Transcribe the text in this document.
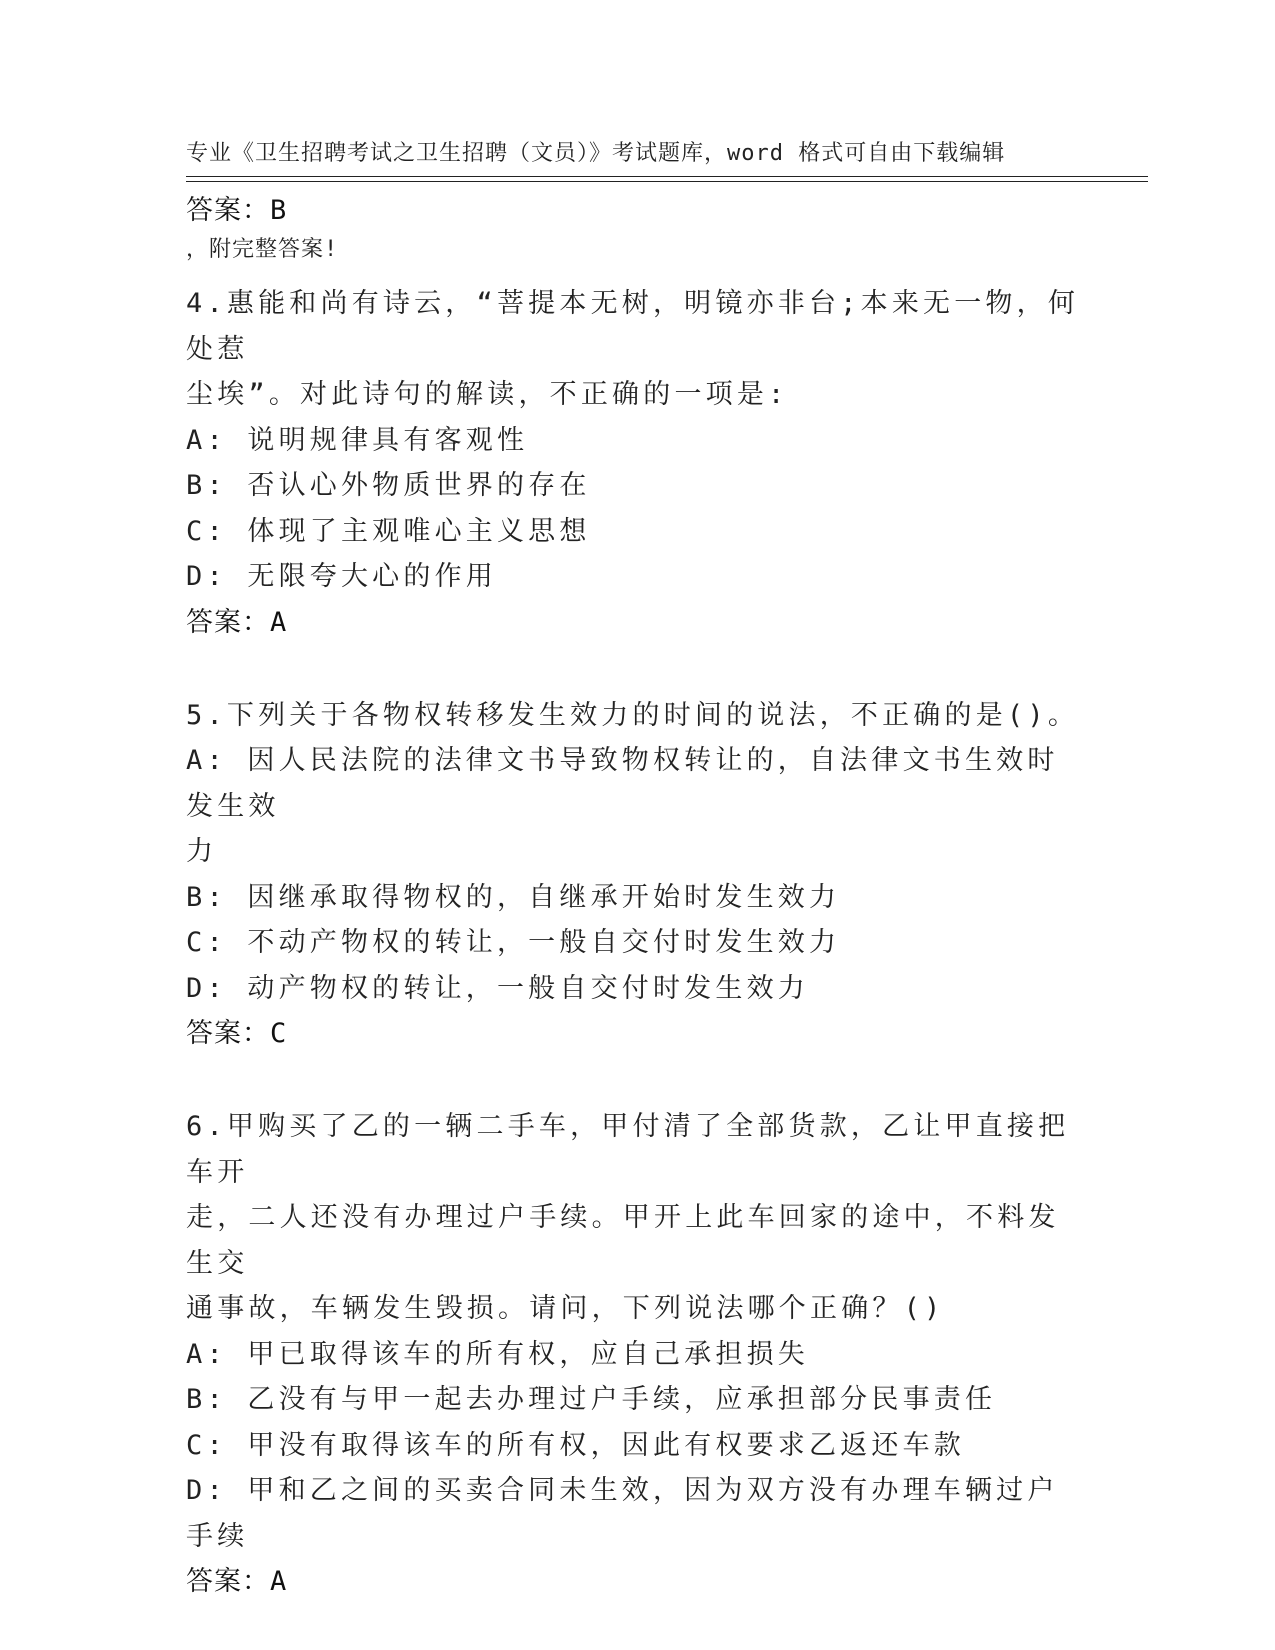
专业《卫生招聘考试之卫生招聘（文员）》考试题库，word 格式可自由下载编辑

，附完整答案!

答案：B
4.惠能和尚有诗云，“菩提本无树，明镜亦非台;本来无一物，何处惹
尘埃”。对此诗句的解读，不正确的一项是:
A: 说明规律具有客观性
B: 否认心外物质世界的存在
C: 体现了主观唯心主义思想
D: 无限夸大心的作用
答案：A
5.下列关于各物权转移发生效力的时间的说法，不正确的是()。
A: 因人民法院的法律文书导致物权转让的，自法律文书生效时发生效
力
B: 因继承取得物权的，自继承开始时发生效力
C: 不动产物权的转让，一般自交付时发生效力
D: 动产物权的转让，一般自交付时发生效力
答案：C
6.甲购买了乙的一辆二手车，甲付清了全部货款，乙让甲直接把车开
走，二人还没有办理过户手续。甲开上此车回家的途中，不料发生交
通事故，车辆发生毁损。请问，下列说法哪个正确？()
A: 甲已取得该车的所有权，应自己承担损失
B: 乙没有与甲一起去办理过户手续，应承担部分民事责任
C: 甲没有取得该车的所有权，因此有权要求乙返还车款
D: 甲和乙之间的买卖合同未生效，因为双方没有办理车辆过户手续
答案：A
